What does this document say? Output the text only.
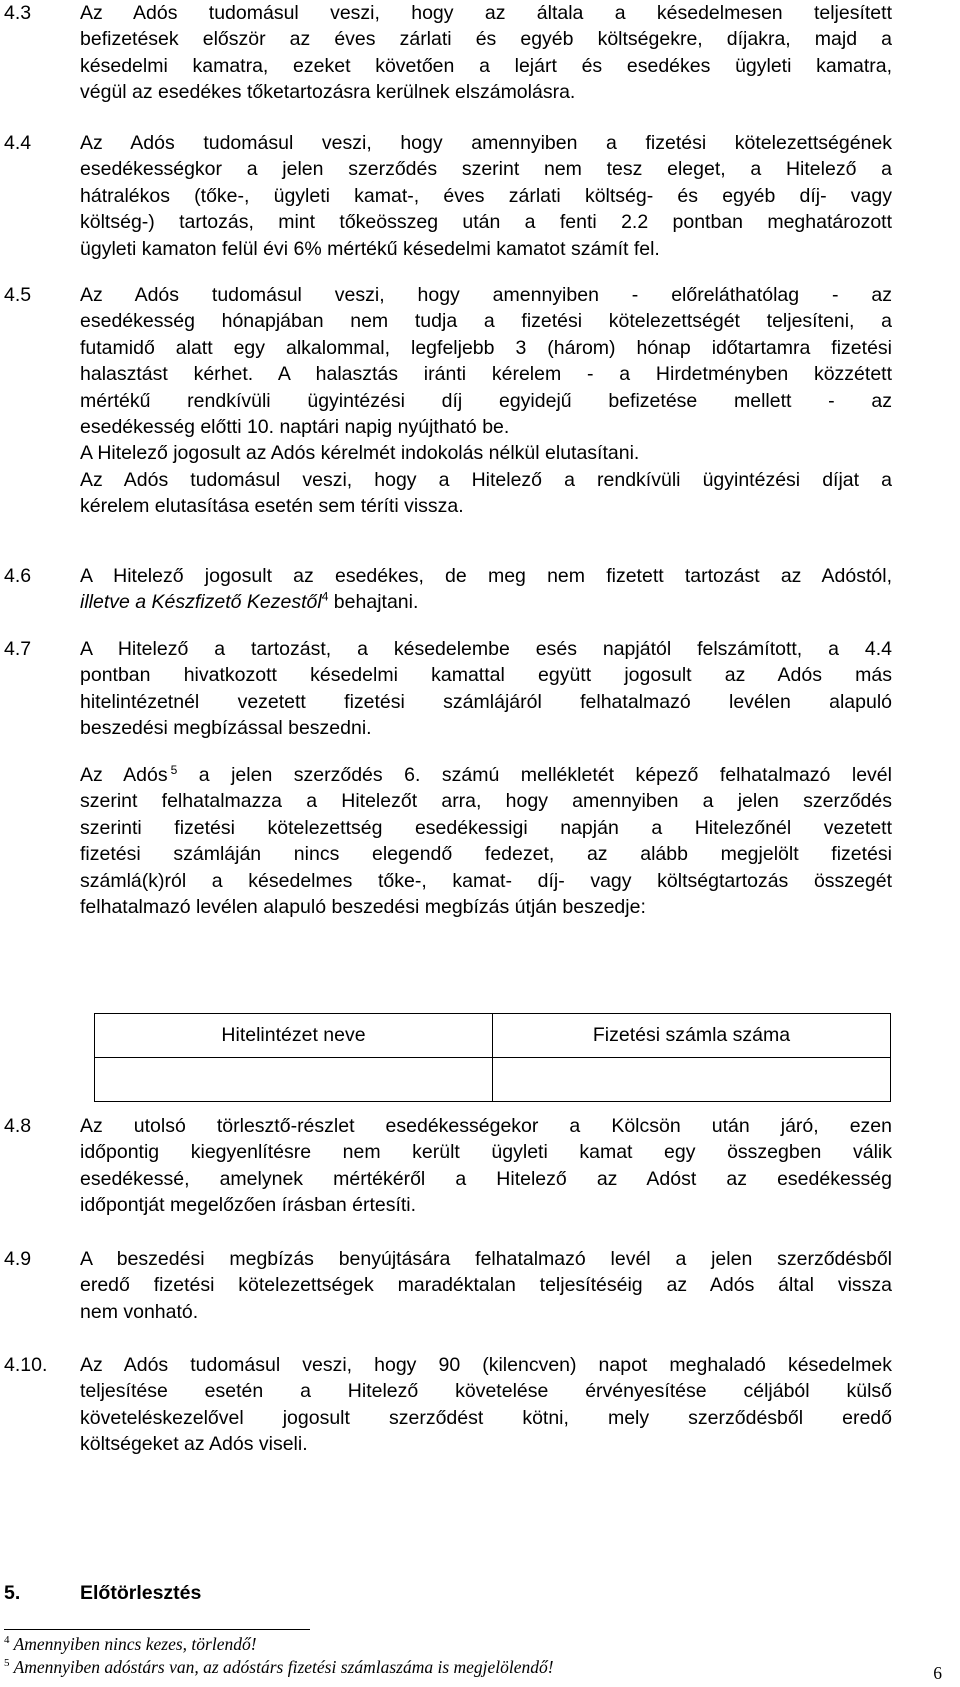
4.3	Az Adós tudomásul veszi, hogy az általa a késedelmesen teljesített

befizetések először az éves zárlati és egyéb költségekre, díjakra, majd a

késedelmi kamatra, ezeket követően a lejárt és esedékes ügyleti kamatra,

végül az esedékes tőketartozásra kerülnek elszámolásra.

4.4	Az Adós tudomásul veszi, hogy amennyiben a fizetési kötelezettségének

esedékességkor a jelen szerződés szerint nem tesz eleget, a Hitelező a

hátralékos (tőke-, ügyleti kamat-, éves zárlati költség- és egyéb díj- vagy

költség-) tartozás, mint tőkeösszeg után a fenti 2.2 pontban meghatározott

ügyleti kamaton felül évi 6% mértékű késedelmi kamatot számít fel.

4.5	Az Adós tudomásul veszi, hogy amennyiben - előreláthatólag - az

esedékesség hónapjában nem tudja a fizetési kötelezettségét teljesíteni, a

futamidő alatt egy alkalommal, legfeljebb 3 (három) hónap időtartamra fizetési

halasztást kérhet. A halasztás iránti kérelem - a Hirdetményben közzétett

mértékű rendkívüli ügyintézési díj egyidejű befizetése mellett - az

esedékesség előtti 10. naptári napig nyújtható be.

A Hitelező jogosult az Adós kérelmét indokolás nélkül elutasítani.

Az Adós tudomásul veszi, hogy a Hitelező a rendkívüli ügyintézési díjat a

kérelem elutasítása esetén sem téríti vissza.

4.6	A Hitelező jogosult az esedékes, de meg nem fizetett tartozást az Adóstól,

illetve a Készfizető Kezestől$^4$ behajtani.

4.7	A Hitelező a tartozást, a késedelembe esés napjától felszámított, a 4.4

pontban hivatkozott késedelmi kamattal együtt jogosult az Adós más

hitelintézetnél vezetett fizetési számlájáról felhatalmazó levélen alapuló

beszedési megbízással beszedni.

Az Adós $^5$ a jelen szerződés 6. számú mellékletét képező felhatalmazó levél

szerint felhatalmazza a Hitelezőt arra, hogy amennyiben a jelen szerződés

szerinti fizetési kötelezettség esedékessigi napján a Hitelezőnél vezetett

fizetési számláján nincs elegendő fedezet, az alább megjelölt fizetési

számlá(k)ról a késedelmes tőke-, kamat- díj- vagy költségtartozás összegét

felhatalmazó levélen alapuló beszedési megbízás útján beszedje:

Hitelintézet neve	Fizetési számla száma

4.8	Az utolsó törlesztő-részlet esedékességekor a Kölcsön után járó, ezen

időpontig kiegyenlítésre nem került ügyleti kamat egy összegben válik

esedékessé, amelynek mértékéről a Hitelező az Adóst az esedékesség

időpontját megelőzően írásban értesíti.

4.9	A beszedési megbízás benyújtására felhatalmazó levél a jelen szerződésből

eredő fizetési kötelezettségek maradéktalan teljesítéséig az Adós által vissza

nem vonható.

4.10. Az Adós tudomásul veszi, hogy 90 (kilencven) napot meghaladó késedelmek

teljesítése esetén a Hitelező követelése érvényesítése céljából külső

követeléskezelővel jogosult szerződést kötni, mely szerződésből eredő

költségeket az Adós viseli.

5.	Előtörlesztés
$^4$ Amennyiben nincs kezes, törlendő!
$^5$ Amennyiben adóstárs van, az adóstárs fizetési számlaszáma is megjelölendő!	6
